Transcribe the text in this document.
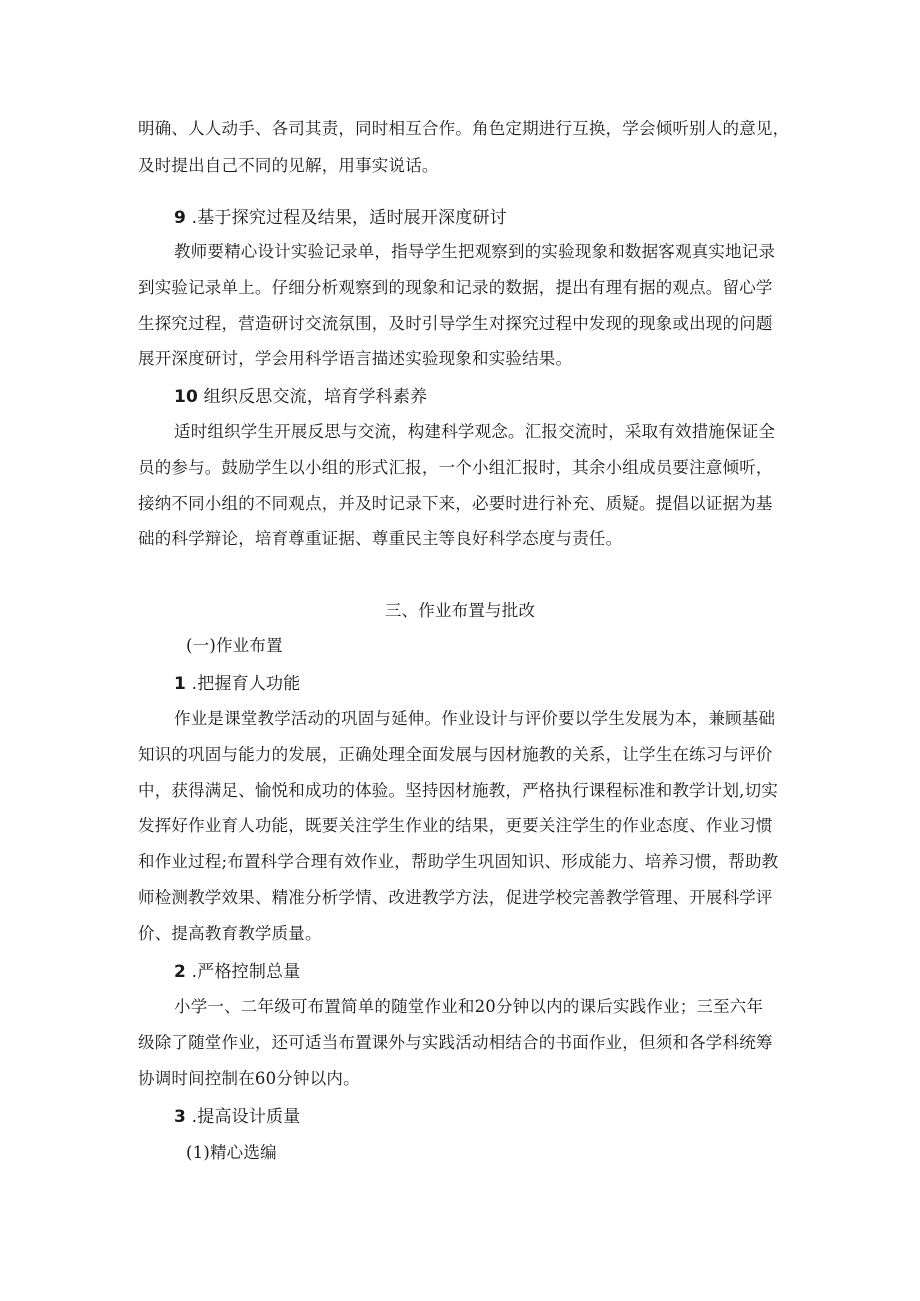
明确、人人动手、各司其责，同时相互合作。角色定期进行互换，学会倾听别人的意见，
及时提出自己不同的见解，用事实说话。
9 .基于探究过程及结果，适时展开深度研讨
教师要精心设计实验记录单，指导学生把观察到的实验现象和数据客观真实地记录
到实验记录单上。仔细分析观察到的现象和记录的数据，提出有理有据的观点。留心学
生探究过程，营造研讨交流氛围，及时引导学生对探究过程中发现的现象或出现的问题
展开深度研讨，学会用科学语言描述实验现象和实验结果。
10 组织反思交流，培育学科素养
适时组织学生开展反思与交流，构建科学观念。汇报交流时，采取有效措施保证全
员的参与。鼓励学生以小组的形式汇报，一个小组汇报时，其余小组成员要注意倾听，
接纳不同小组的不同观点，并及时记录下来，必要时进行补充、质疑。提倡以证据为基
础的科学辩论，培育尊重证据、尊重民主等良好科学态度与责任。
三、作业布置与批改
(一)作业布置
1 .把握育人功能
作业是课堂教学活动的巩固与延伸。作业设计与评价要以学生发展为本，兼顾基础
知识的巩固与能力的发展，正确处理全面发展与因材施教的关系，让学生在练习与评价
中，获得满足、愉悦和成功的体验。坚持因材施教，严格执行课程标准和教学计划,切实
发挥好作业育人功能，既要关注学生作业的结果，更要关注学生的作业态度、作业习惯
和作业过程;布置科学合理有效作业，帮助学生巩固知识、形成能力、培养习惯，帮助教
师检测教学效果、精准分析学情、改进教学方法，促进学校完善教学管理、开展科学评
价、提高教育教学质量。
2 .严格控制总量
小学一、二年级可布置简单的随堂作业和20分钟以内的课后实践作业；三至六年
级除了随堂作业，还可适当布置课外与实践活动相结合的书面作业，但须和各学科统筹
协调时间控制在60分钟以内。
3 .提高设计质量
(1)精心选编
